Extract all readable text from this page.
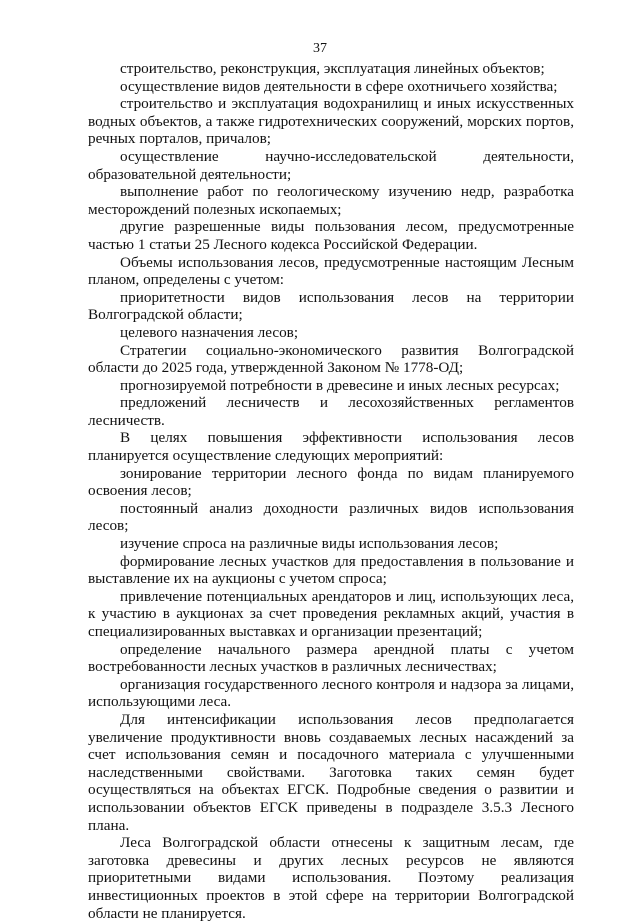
37

строительство, реконструкция, эксплуатация линейных объектов;

осуществление видов деятельности в сфере охотничьего хозяйства;

строительство и эксплуатация водохранилищ и иных искусственных водных объектов, а также гидротехнических сооружений, морских портов, речных порталов, причалов;

осуществление научно-исследовательской деятельности, образовательной деятельности;

выполнение работ по геологическому изучению недр, разработка месторождений полезных ископаемых;

другие разрешенные виды пользования лесом, предусмотренные частью 1 статьи 25 Лесного кодекса Российской Федерации.

Объемы использования лесов, предусмотренные настоящим Лесным планом, определены с учетом:

приоритетности видов использования лесов на территории Волгоградской области;

целевого назначения лесов;

Стратегии социально-экономического развития Волгоградской области до 2025 года, утвержденной Законом № 1778-ОД;

прогнозируемой потребности в древесине и иных лесных ресурсах;

предложений лесничеств и лесохозяйственных регламентов лесничеств.

В целях повышения эффективности использования лесов планируется осуществление следующих мероприятий:

зонирование территории лесного фонда по видам планируемого освоения лесов;

постоянный анализ доходности различных видов использования лесов;

изучение спроса на различные виды использования лесов;

формирование лесных участков для предоставления в пользование и выставление их на аукционы с учетом спроса;

привлечение потенциальных арендаторов и лиц, использующих леса, к участию в аукционах за счет проведения рекламных акций, участия в специализированных выставках и организации презентаций;

определение начального размера арендной платы с учетом востребованности лесных участков в различных лесничествах;

организация государственного лесного контроля и надзора за лицами, использующими леса.

Для интенсификации использования лесов предполагается увеличение продуктивности вновь создаваемых лесных насаждений за счет использования семян и посадочного материала с улучшенными наследственными свойствами. Заготовка таких семян будет осуществляться на объектах ЕГСК. Подробные сведения о развитии и использовании объектов ЕГСК приведены в подразделе 3.5.3 Лесного плана.

Леса Волгоградской области отнесены к защитным лесам, где заготовка древесины и других лесных ресурсов не являются приоритетными видами использования. Поэтому реализация инвестиционных проектов в этой сфере на территории Волгоградской области не планируется.
